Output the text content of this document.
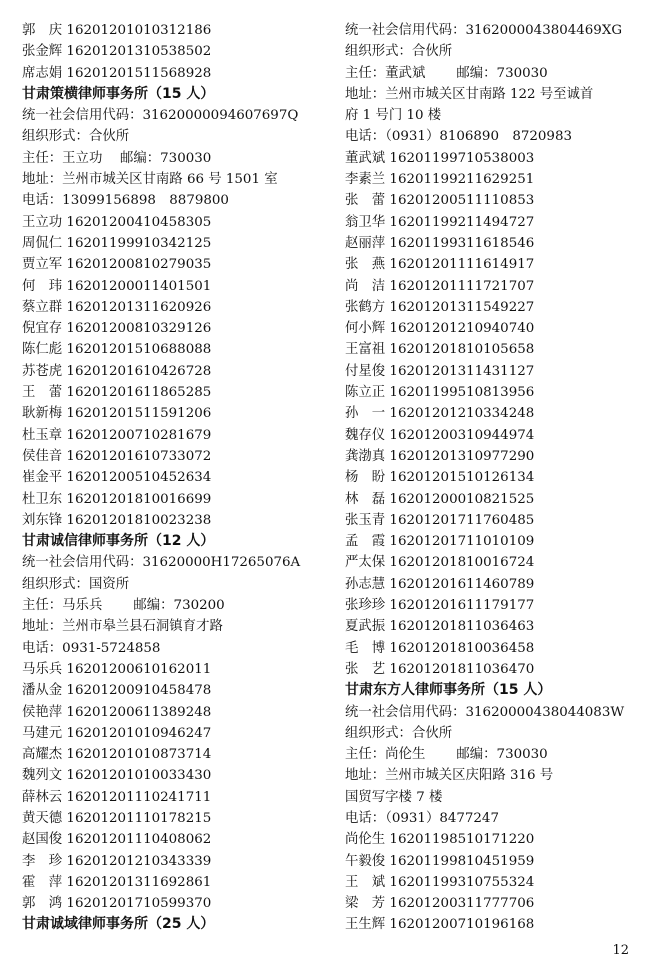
郭　庆 16201201010312186
张金辉 16201201310538502
席志娟 16201201511568928
甘肃策横律师事务所（15 人）
统一社会信用代码：31620000094607697Q
组织形式：合伙所
主任：王立功　 邮编：730030
地址：兰州市城关区甘南路 66 号 1501 室
电话：13099156898　8879800
王立功 16201200410458305
周侃仁 16201199910342125
贾立军 16201200810279035
何　玮 16201200011401501
蔡立群 16201201311620926
倪宜存 16201200810329126
陈仁彪 16201201510688088
苏苍虎 16201201610426728
王　蕾 16201201611865285
耿新梅 16201201511591206
杜玉章 16201200710281679
侯佳音 16201201610733072
崔金平 16201200510452634
杜卫东 16201201810016699
刘东锋 16201201810023238
甘肃诚信律师事务所（12 人）
统一社会信用代码：31620000H17265076A
组织形式：国资所
主任：马乐兵　　 邮编：730200
地址：兰州市皋兰县石洞镇育才路
电话：0931-5724858
马乐兵 16201200610162011
潘从金 16201200910458478
侯艳萍 16201200611389248
马建元 16201201010946247
高耀杰 16201201010873714
魏列文 16201201010033430
薛林云 16201201110241711
黄天德 16201201110178215
赵国俊 16201201110408062
李　珍 16201201210343339
霍　萍 16201201311692861
郭　鸿 16201201710599370
甘肃诚域律师事务所（25 人）
统一社会信用代码：3162000043804469XG
组织形式：合伙所
主任：董武斌　　 邮编：730030
地址：兰州市城关区甘南路 122 号至诚首
府 1 号门 10 楼
电话：（0931）8106890　8720983
董武斌 16201199710538003
李素兰 16201199211629251
张　蕾 16201200511110853
翁卫华 16201199211494727
赵丽萍 16201199311618546
张　燕 16201201111614917
尚　洁 16201201111721707
张鹤方 16201201311549227
何小辉 16201201210940740
王富祖 16201201810105658
付星俊 16201201311431127
陈立正 16201199510813956
孙　一 16201201210334248
魏存仪 16201200310944974
龚渤真 16201201310977290
杨　盼 16201201510126134
林　磊 16201200010821525
张玉青 16201201711760485
孟　霞 16201201711010109
严太保 16201201810016724
孙志慧 16201201611460789
张珍珍 16201201611179177
夏武振 16201201811036463
毛　博 16201201810036458
张　艺 16201201811036470
甘肃东方人律师事务所（15 人）
统一社会信用代码：31620000438044083W
组织形式：合伙所
主任：尚伦生　　 邮编：730030
地址：兰州市城关区庆阳路 316 号
国贸写字楼 7 楼
电话：（0931）8477247
尚伦生 16201198510171220
午毅俊 16201199810451959
王　斌 16201199310755324
梁　芳 16201200311777706
王生辉 16201200710196168
12
